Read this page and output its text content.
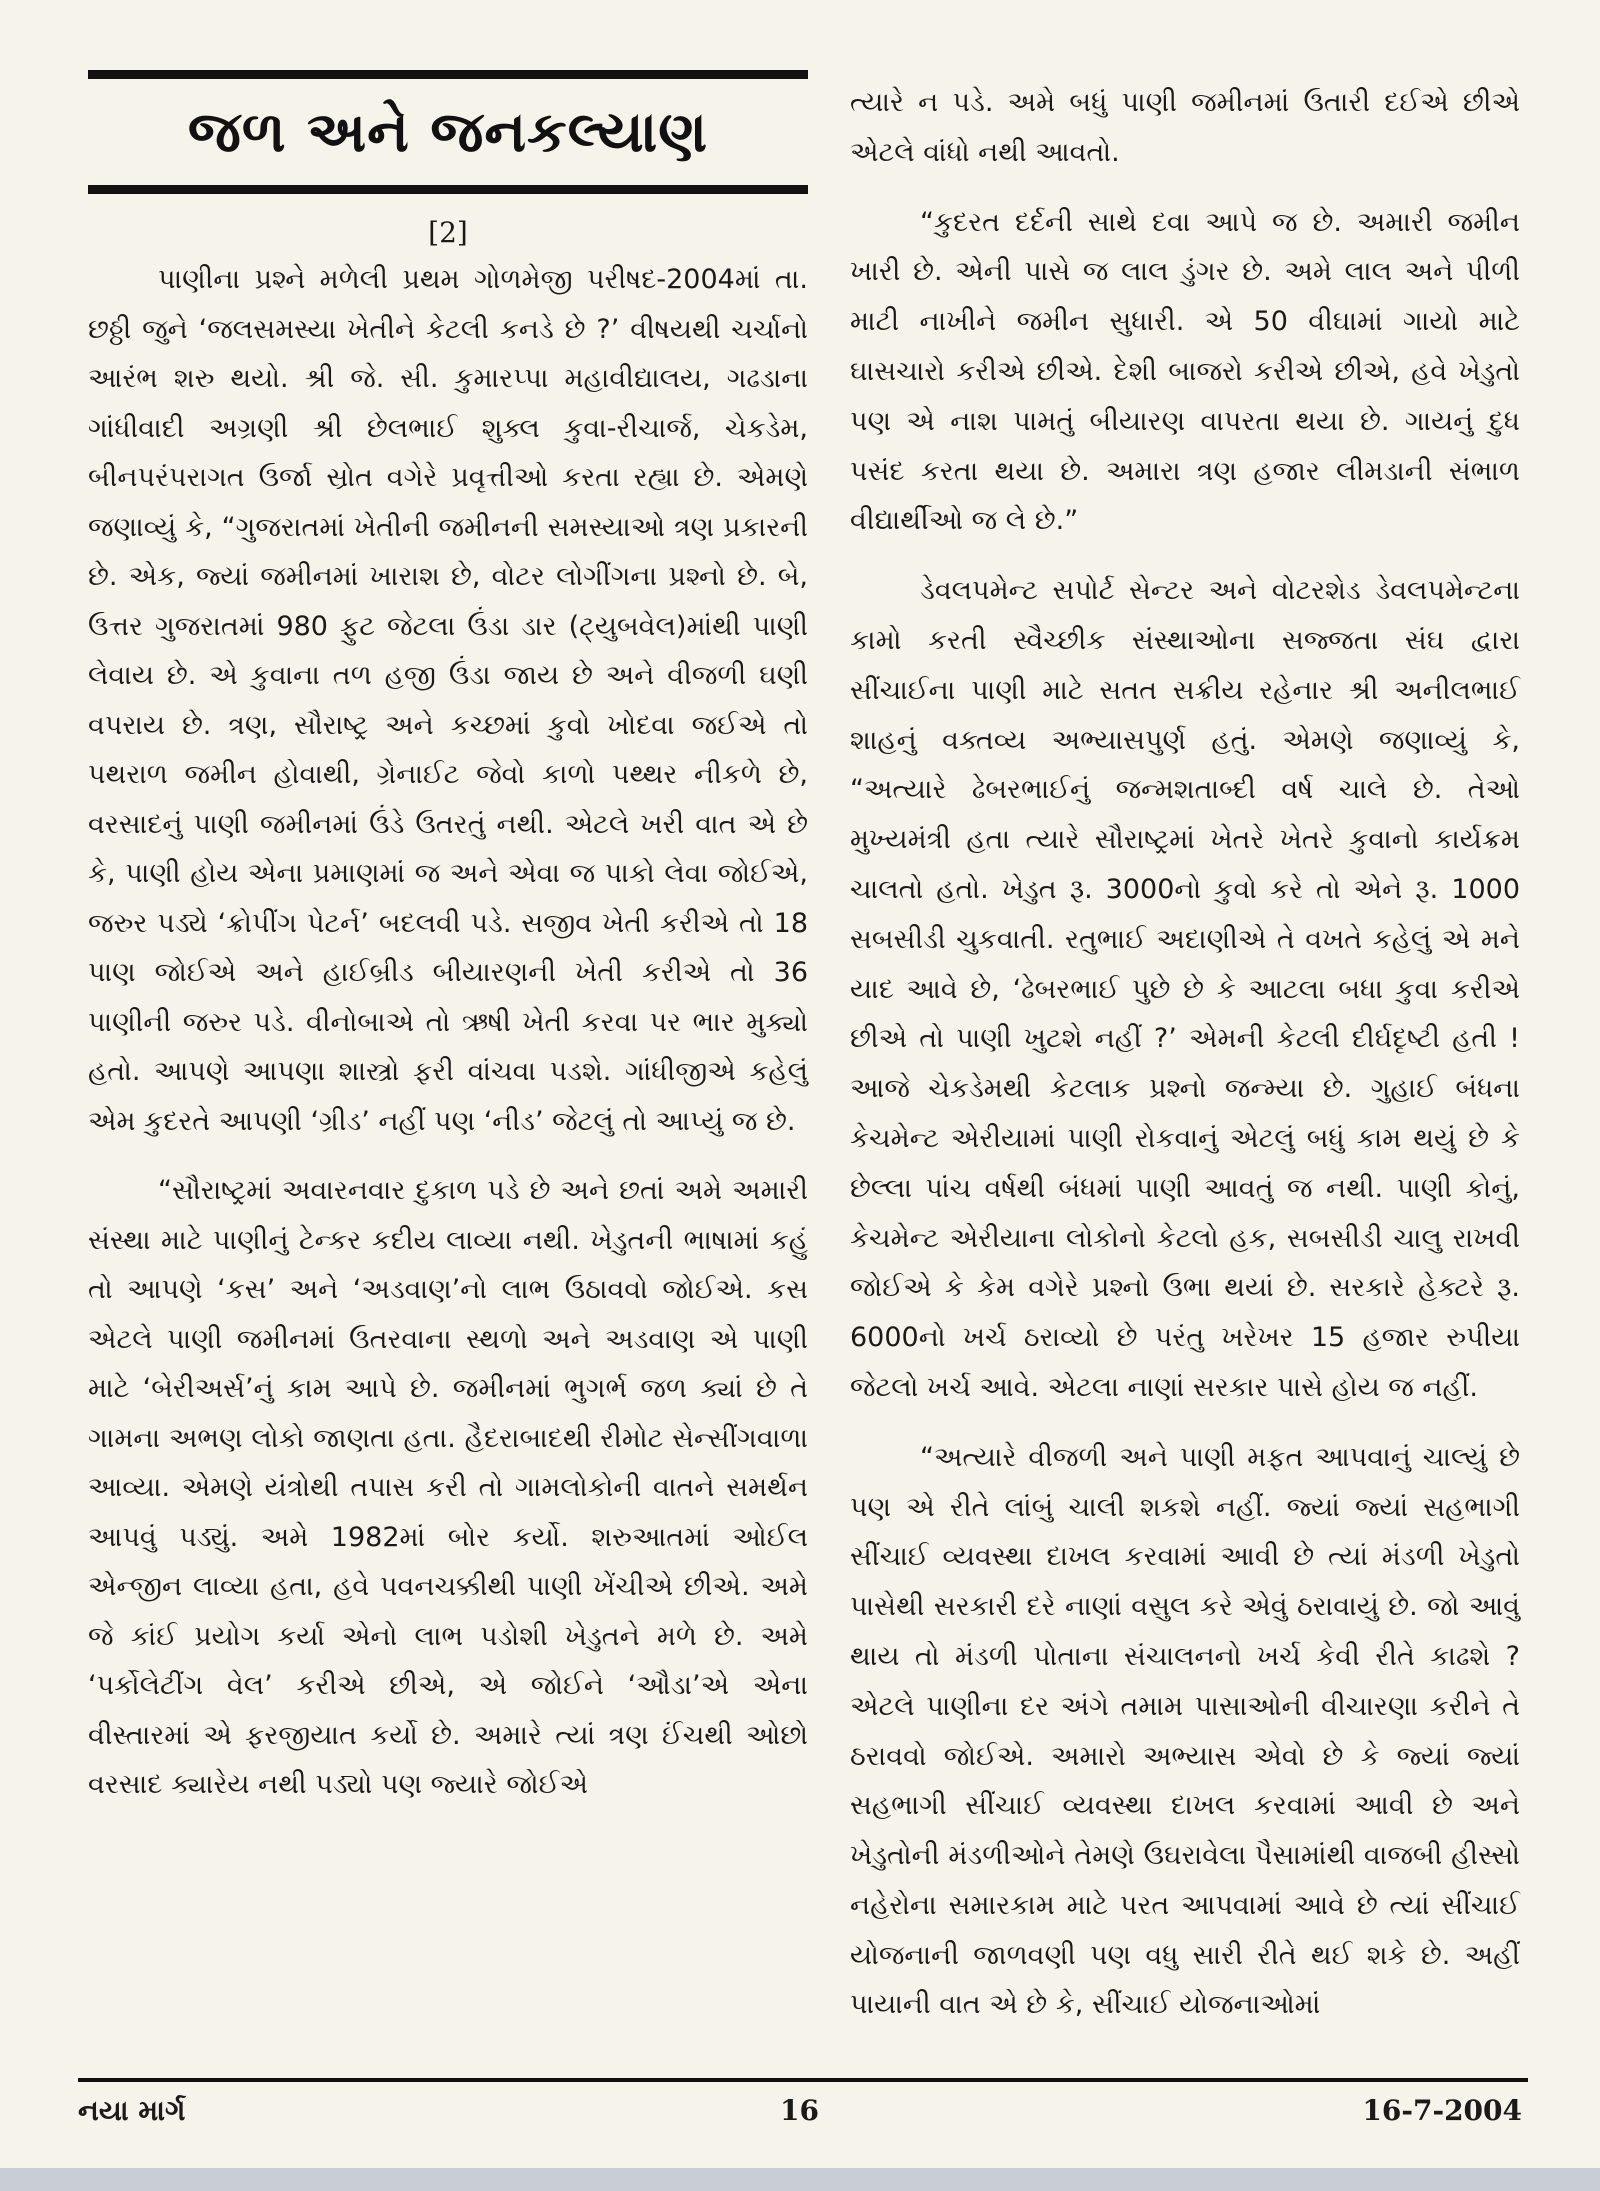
જળ અને જનકલ્યાણ
[2]

પાણીના પ્રશ્ને મળેલી પ્રથમ ગોળમેજી પરીષદ-2004માં તા. છઠ્ઠી જુને ‘જલસમસ્યા ખેતીને કેટલી કનડે છે ?’ વીષયથી ચર્ચાનો આરંભ શરુ થયો. શ્રી જે. સી. કુમારપ્પા મહાવીદ્યાલય, ગઢડાના ગાંધીવાદી અગ્રણી શ્રી છેલભાઈ શુક્લ કુવા-રીચાર્જ, ચેકડેમ, બીનપરંપરાગત ઉર્જા સ્રોત વગેરે પ્રવૃત્તીઓ કરતા રહ્યા છે. એમણે જણાવ્યું કે, “ગુજરાતમાં ખેતીની જમીનની સમસ્યાઓ ત્રણ પ્રકારની છે. એક, જ્યાં જમીનમાં ખારાશ છે, વોટર લોગીંગના પ્રશ્નો છે. બે, ઉત્તર ગુજરાતમાં 980 ફુટ જેટલા ઉંડા ડાર (ટ્યુબવેલ)માંથી પાણી લેવાય છે. એ કુવાના તળ હજી ઉંડા જાય છે અને વીજળી ઘણી વપરાય છે. ત્રણ, સૌરાષ્ટ્ર અને કચ્છમાં કુવો ખોદવા જઈએ તો પથરાળ જમીન હોવાથી, ગ્રેનાઈટ જેવો કાળો પથ્થર નીકળે છે, વરસાદનું પાણી જમીનમાં ઉંડે ઉતરતું નથી. એટલે ખરી વાત એ છે કે, પાણી હોય એના પ્રમાણમાં જ અને એવા જ પાકો લેવા જોઈએ, જરુર પડ્યે ‘ક્રોપીંગ પેટર્ન’ બદલવી પડે. સજીવ ખેતી કરીએ તો 18 પાણ જોઈએ અને હાઈબ્રીડ બીયારણની ખેતી કરીએ તો 36 પાણીની જરુર પડે. વીનોબાએ તો ઋષી ખેતી કરવા પર ભાર મુક્યો હતો. આપણે આપણા શાસ્ત્રો ફરી વાંચવા પડશે. ગાંધીજીએ કહેલું એમ કુદરતે આપણી ‘ગ્રીડ’ નહીં પણ ‘નીડ’ જેટલું તો આપ્યું જ છે.

“સૌરાષ્ટ્રમાં અવારનવાર દુકાળ પડે છે અને છતાં અમે અમારી સંસ્થા માટે પાણીનું ટેન્કર કદીય લાવ્યા નથી. ખેડુતની ભાષામાં કહું તો આપણે ‘કસ’ અને ‘અડવાણ’નો લાભ ઉઠાવવો જોઈએ. કસ એટલે પાણી જમીનમાં ઉતરવાના સ્થળો અને અડવાણ એ પાણી માટે ‘બેરીઅર્સ’નું કામ આપે છે. જમીનમાં ભુગર્ભ જળ ક્યાં છે તે ગામના અભણ લોકો જાણતા હતા. હૈદરાબાદથી રીમોટ સેન્સીંગવાળા આવ્યા. એમણે યંત્રોથી તપાસ કરી તો ગામલોકોની વાતને સમર્થન આપવું પડ્યું. અમે 1982માં બોર કર્યો. શરુઆતમાં ઓઈલ એન્જીન લાવ્યા હતા, હવે પવનચક્કીથી પાણી ખેંચીએ છીએ. અમે જે કાંઈ પ્રયોગ કર્યા એનો લાભ પડોશી ખેડુતને મળે છે. અમે ‘પર્કોલેટીંગ વેલ’ કરીએ છીએ, એ જોઈને ‘ઔડા’એ એના વીસ્તારમાં એ ફરજીયાત કર્યો છે. અમારે ત્યાં ત્રણ ઈંચથી ઓછો વરસાદ ક્યારેય નથી પડ્યો પણ જ્યારે જોઈએ

ત્યારે ન પડે. અમે બધું પાણી જમીનમાં ઉતારી દઈએ છીએ એટલે વાંધો નથી આવતો.

“કુદરત દર્દની સાથે દવા આપે જ છે. અમારી જમીન ખારી છે. એની પાસે જ લાલ ડુંગર છે. અમે લાલ અને પીળી માટી નાખીને જમીન સુધારી. એ 50 વીઘામાં ગાયો માટે ઘાસચારો કરીએ છીએ. દેશી બાજરો કરીએ છીએ, હવે ખેડુતો પણ એ નાશ પામતું બીયારણ વાપરતા થયા છે. ગાયનું દુધ પસંદ કરતા થયા છે. અમારા ત્રણ હજાર લીમડાની સંભાળ વીદ્યાર્થીઓ જ લે છે.”

ડેવલપમેન્ટ સપોર્ટ સેન્ટર અને વોટરશેડ ડેવલપમેન્ટના કામો કરતી સ્વૈચ્છીક સંસ્થાઓના સજ્જતા સંઘ દ્વારા સીંચાઈના પાણી માટે સતત સક્રીય રહેનાર શ્રી અનીલભાઈ શાહનું વક્તવ્ય અભ્યાસપુર્ણ હતું. એમણે જણાવ્યું કે, “અત્યારે ઢેબરભાઈનું જન્મશતાબ્દી વર્ષ ચાલે છે. તેઓ મુખ્યમંત્રી હતા ત્યારે સૌરાષ્ટ્રમાં ખેતરે ખેતરે કુવાનો કાર્યક્રમ ચાલતો હતો. ખેડુત રૂ. 3000નો કુવો કરે તો એને રૂ. 1000 સબસીડી ચુકવાતી. રતુભાઈ અદાણીએ તે વખતે કહેલું એ મને યાદ આવે છે, ‘ઢેબરભાઈ પુછે છે કે આટલા બધા કુવા કરીએ છીએ તો પાણી ખુટશે નહીં ?’ એમની કેટલી દીર્ઘદૃષ્ટી હતી ! આજે ચેકડેમથી કેટલાક પ્રશ્નો જન્મ્યા છે. ગુહાઈ બંધના કેચમેન્ટ એરીયામાં પાણી રોકવાનું એટલું બધું કામ થયું છે કે છેલ્લા પાંચ વર્ષથી બંધમાં પાણી આવતું જ નથી. પાણી કોનું, કેચમેન્ટ એરીયાના લોકોનો કેટલો હક, સબસીડી ચાલુ રાખવી જોઈએ કે કેમ વગેરે પ્રશ્નો ઉભા થયાં છે. સરકારે હેક્ટરે રૂ. 6000નો ખર્ચ ઠરાવ્યો છે પરંતુ ખરેખર 15 હજાર રુપીયા જેટલો ખર્ચ આવે. એટલા નાણાં સરકાર પાસે હોય જ નહીં.

“અત્યારે વીજળી અને પાણી મફત આપવાનું ચાલ્યું છે પણ એ રીતે લાંબું ચાલી શકશે નહીં. જ્યાં જ્યાં સહભાગી સીંચાઈ વ્યવસ્થા દાખલ કરવામાં આવી છે ત્યાં મંડળી ખેડુતો પાસેથી સરકારી દરે નાણાં વસુલ કરે એવું ઠરાવાયું છે. જો આવું થાય તો મંડળી પોતાના સંચાલનનો ખર્ચ કેવી રીતે કાઢશે ? એટલે પાણીના દર અંગે તમામ પાસાઓની વીચારણા કરીને તે ઠરાવવો જોઈએ. અમારો અભ્યાસ એવો છે કે જ્યાં જ્યાં સહભાગી સીંચાઈ વ્યવસ્થા દાખલ કરવામાં આવી છે અને ખેડુતોની મંડળીઓને તેમણે ઉઘરાવેલા પૈસામાંથી વાજબી હીસ્સો નહેરોના સમારકામ માટે પરત આપવામાં આવે છે ત્યાં સીંચાઈ યોજનાની જાળવણી પણ વધુ સારી રીતે થઈ શકે છે. અહીં પાયાની વાત એ છે કે, સીંચાઈ યોજનાઓમાં

નયા માર્ગ	16	16-7-2004
